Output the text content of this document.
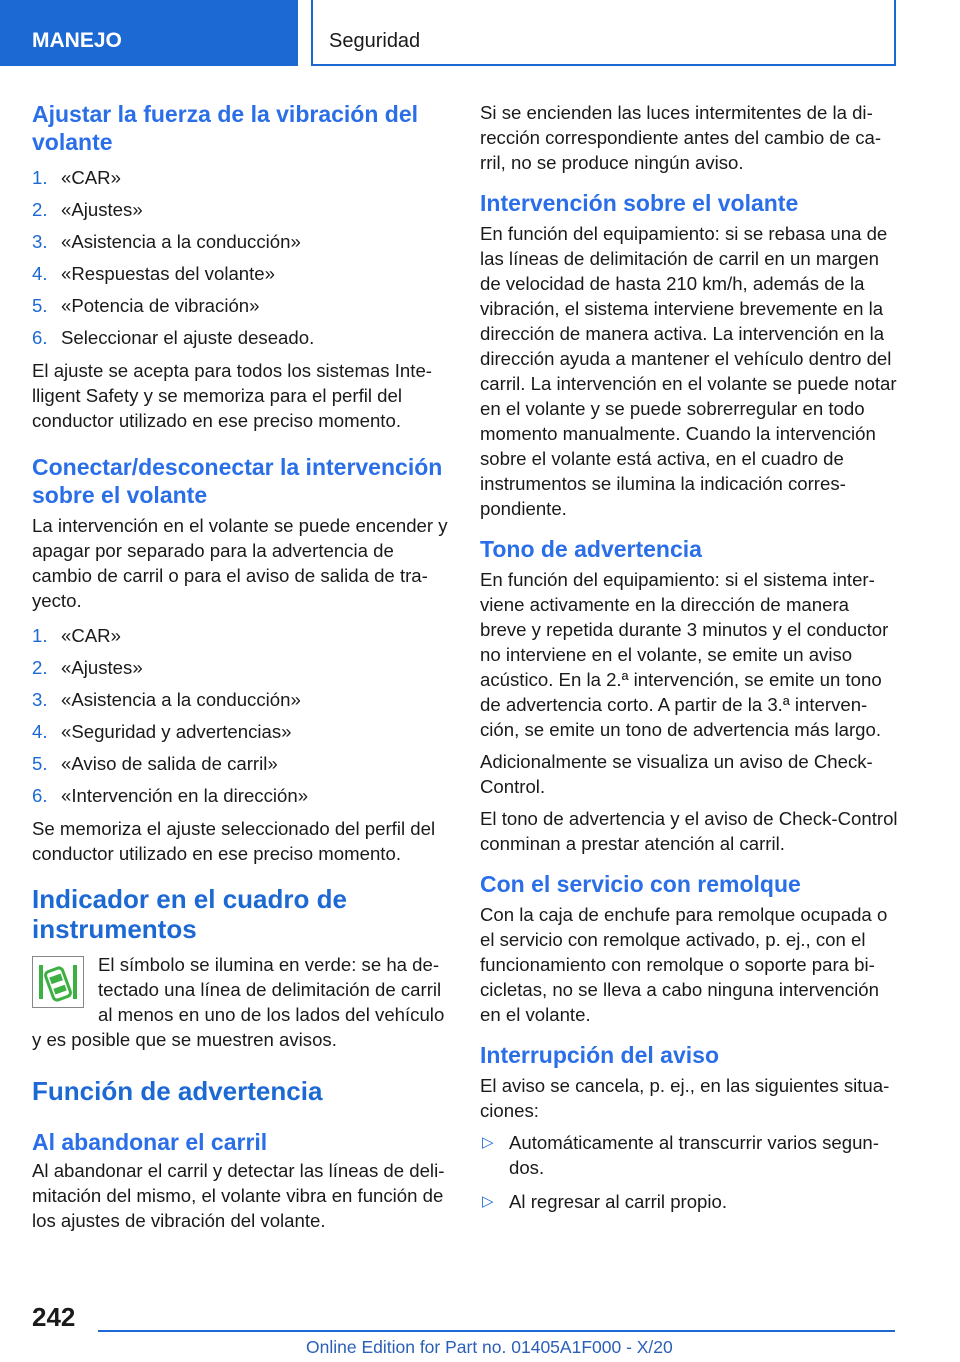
MANEJO	Seguridad
Ajustar la fuerza de la vibración del volante
1. «CAR»
2. «Ajustes»
3. «Asistencia a la conducción»
4. «Respuestas del volante»
5. «Potencia de vibración»
6. Seleccionar el ajuste deseado.

El ajuste se acepta para todos los sistemas Intelligent Safety y se memoriza para el perfil del conductor utilizado en ese preciso momento.

Conectar/desconectar la intervención sobre el volante

La intervención en el volante se puede encender y apagar por separado para la advertencia de cambio de carril o para el aviso de salida de trayecto.

1. «CAR»
2. «Ajustes»
3. «Asistencia a la conducción»
4. «Seguridad y advertencias»
5. «Aviso de salida de carril»
6. «Intervención en la dirección»

Se memoriza el ajuste seleccionado del perfil del conductor utilizado en ese preciso momento.

Indicador en el cuadro de instrumentos

El símbolo se ilumina en verde: se ha detectado una línea de delimitación de carril al menos en uno de los lados del vehículo y es posible que se muestren avisos.

Función de advertencia
Al abandonar el carril

Al abandonar el carril y detectar las líneas de delimitación del mismo, el volante vibra en función de los ajustes de vibración del volante.

Si se encienden las luces intermitentes de la dirección correspondiente antes del cambio de carril, no se produce ningún aviso.

Intervención sobre el volante

En función del equipamiento: si se rebasa una de las líneas de delimitación de carril en un margen de velocidad de hasta 210 km/h, además de la vibración, el sistema interviene brevemente en la dirección de manera activa. La intervención en la dirección ayuda a mantener el vehículo dentro del carril. La intervención en el volante se puede notar en el volante y se puede sobrerregular en todo momento manualmente. Cuando la intervención sobre el volante está activa, en el cuadro de instrumentos se ilumina la indicación correspondiente.

Tono de advertencia

En función del equipamiento: si el sistema interviene activamente en la dirección de manera breve y repetida durante 3 minutos y el conductor no interviene en el volante, se emite un aviso acústico. En la 2.ª intervención, se emite un tono de advertencia corto. A partir de la 3.ª intervención, se emite un tono de advertencia más largo.

Adicionalmente se visualiza un aviso de Check-Control.

El tono de advertencia y el aviso de Check-Control conminan a prestar atención al carril.

Con el servicio con remolque

Con la caja de enchufe para remolque ocupada o el servicio con remolque activado, p. ej., con el funcionamiento con remolque o soporte para bicicletas, no se lleva a cabo ninguna intervención en el volante.

Interrupción del aviso

El aviso se cancela, p. ej., en las siguientes situaciones:

▷ Automáticamente al transcurrir varios segundos.
▷ Al regresar al carril propio.
242
Online Edition for Part no. 01405A1F000 - X/20
